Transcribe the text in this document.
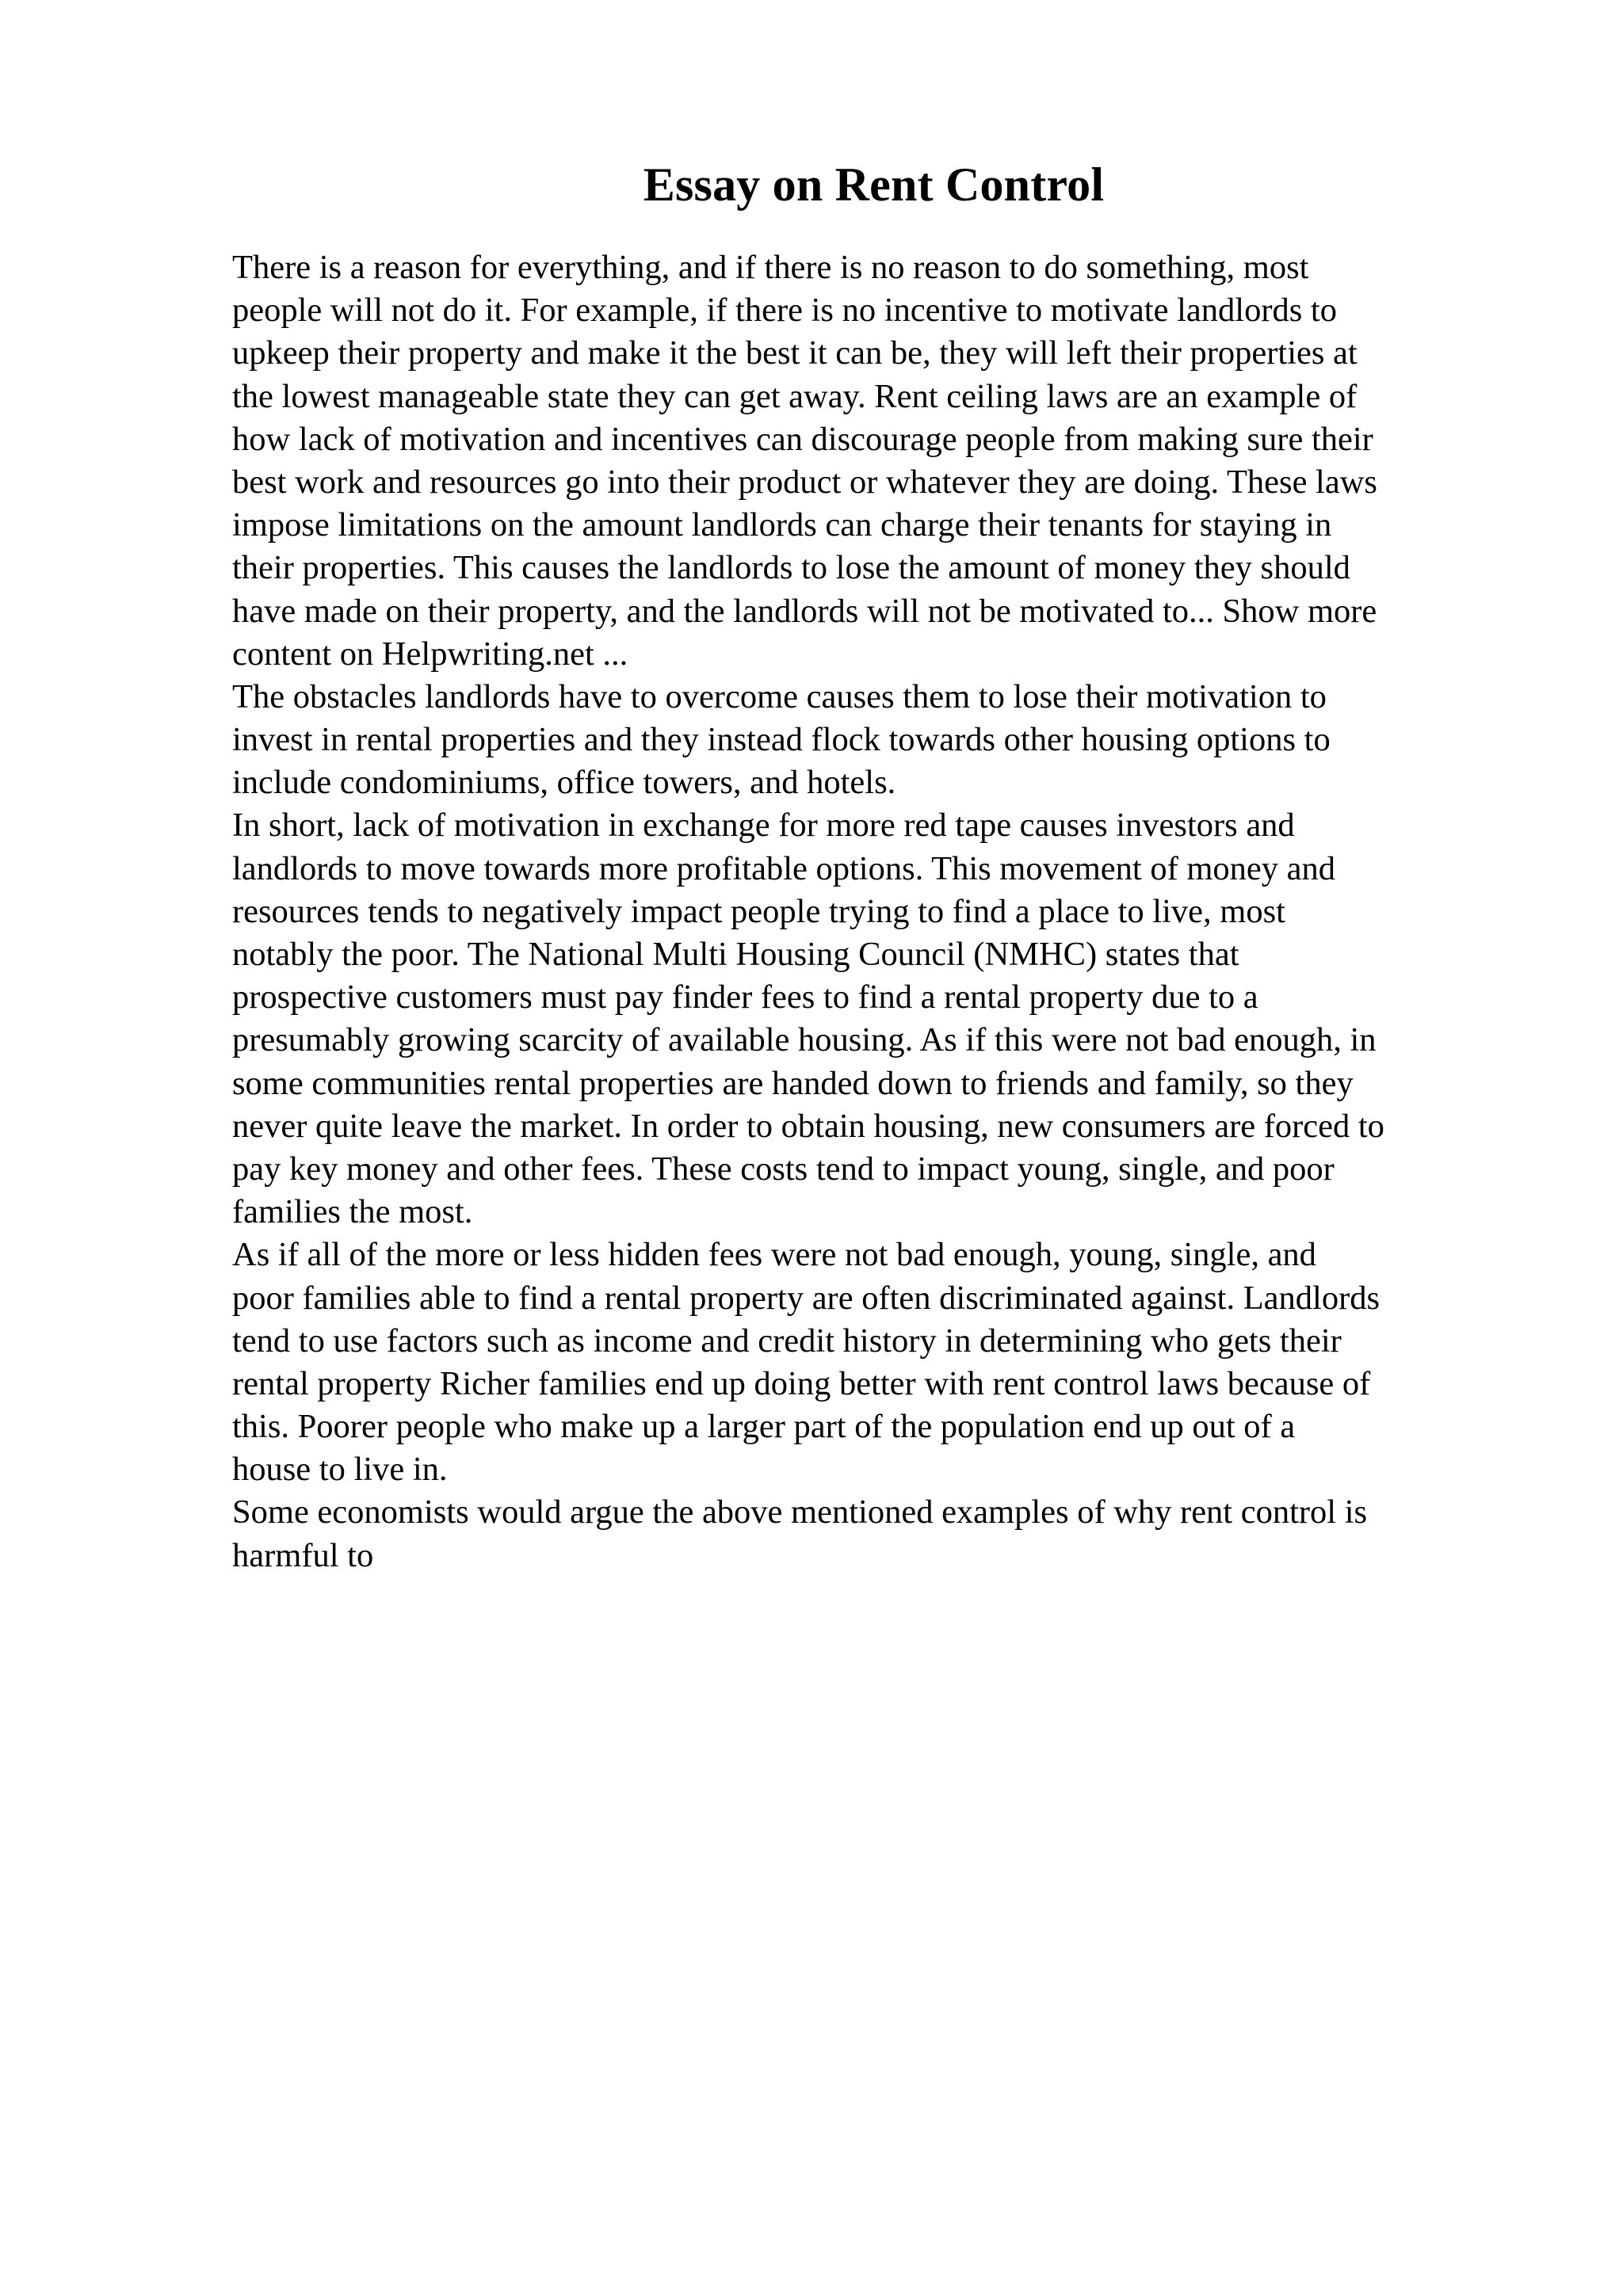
Essay on Rent Control
There is a reason for everything, and if there is no reason to do something, most
people will not do it. For example, if there is no incentive to motivate landlords to
upkeep their property and make it the best it can be, they will left their properties at
the lowest manageable state they can get away. Rent ceiling laws are an example of
how lack of motivation and incentives can discourage people from making sure their
best work and resources go into their product or whatever they are doing. These laws
impose limitations on the amount landlords can charge their tenants for staying in
their properties. This causes the landlords to lose the amount of money they should
have made on their property, and the landlords will not be motivated to... Show more
content on Helpwriting.net ...
The obstacles landlords have to overcome causes them to lose their motivation to
invest in rental properties and they instead flock towards other housing options to
include condominiums, office towers, and hotels.
In short, lack of motivation in exchange for more red tape causes investors and
landlords to move towards more profitable options. This movement of money and
resources tends to negatively impact people trying to find a place to live, most
notably the poor. The National Multi Housing Council (NMHC) states that
prospective customers must pay finder fees to find a rental property due to a
presumably growing scarcity of available housing. As if this were not bad enough, in
some communities rental properties are handed down to friends and family, so they
never quite leave the market. In order to obtain housing, new consumers are forced to
pay key money and other fees. These costs tend to impact young, single, and poor
families the most.
As if all of the more or less hidden fees were not bad enough, young, single, and
poor families able to find a rental property are often discriminated against. Landlords
tend to use factors such as income and credit history in determining who gets their
rental property Richer families end up doing better with rent control laws because of
this. Poorer people who make up a larger part of the population end up out of a
house to live in.
Some economists would argue the above mentioned examples of why rent control is
harmful to
